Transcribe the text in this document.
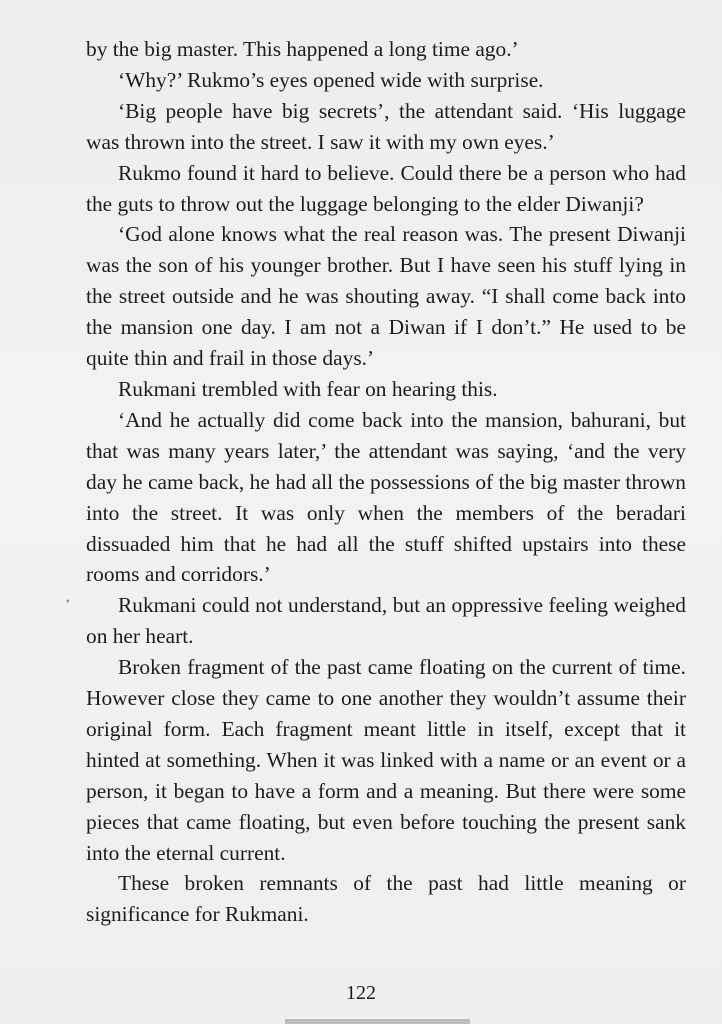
by the big master. This happened a long time ago.’

‘Why?’ Rukmo’s eyes opened wide with surprise.

‘Big people have big secrets’, the attendant said. ‘His luggage was thrown into the street. I saw it with my own eyes.’

Rukmo found it hard to believe. Could there be a person who had the guts to throw out the luggage belonging to the elder Diwanji?

‘God alone knows what the real reason was. The present Diwanji was the son of his younger brother. But I have seen his stuff lying in the street outside and he was shouting away. “I shall come back into the mansion one day. I am not a Diwan if I don’t.” He used to be quite thin and frail in those days.’

Rukmani trembled with fear on hearing this.

‘And he actually did come back into the mansion, bahurani, but that was many years later,’ the attendant was saying, ‘and the very day he came back, he had all the possessions of the big master thrown into the street. It was only when the members of the beradari dissuaded him that he had all the stuff shifted upstairs into these rooms and corridors.’

Rukmani could not understand, but an oppressive feeling weighed on her heart.

Broken fragment of the past came floating on the current of time. However close they came to one another they wouldn’t assume their original form. Each fragment meant little in itself, except that it hinted at something. When it was linked with a name or an event or a person, it began to have a form and a meaning. But there were some pieces that came floating, but even before touching the present sank into the eternal current.

These broken remnants of the past had little meaning or significance for Rukmani.

,
122
